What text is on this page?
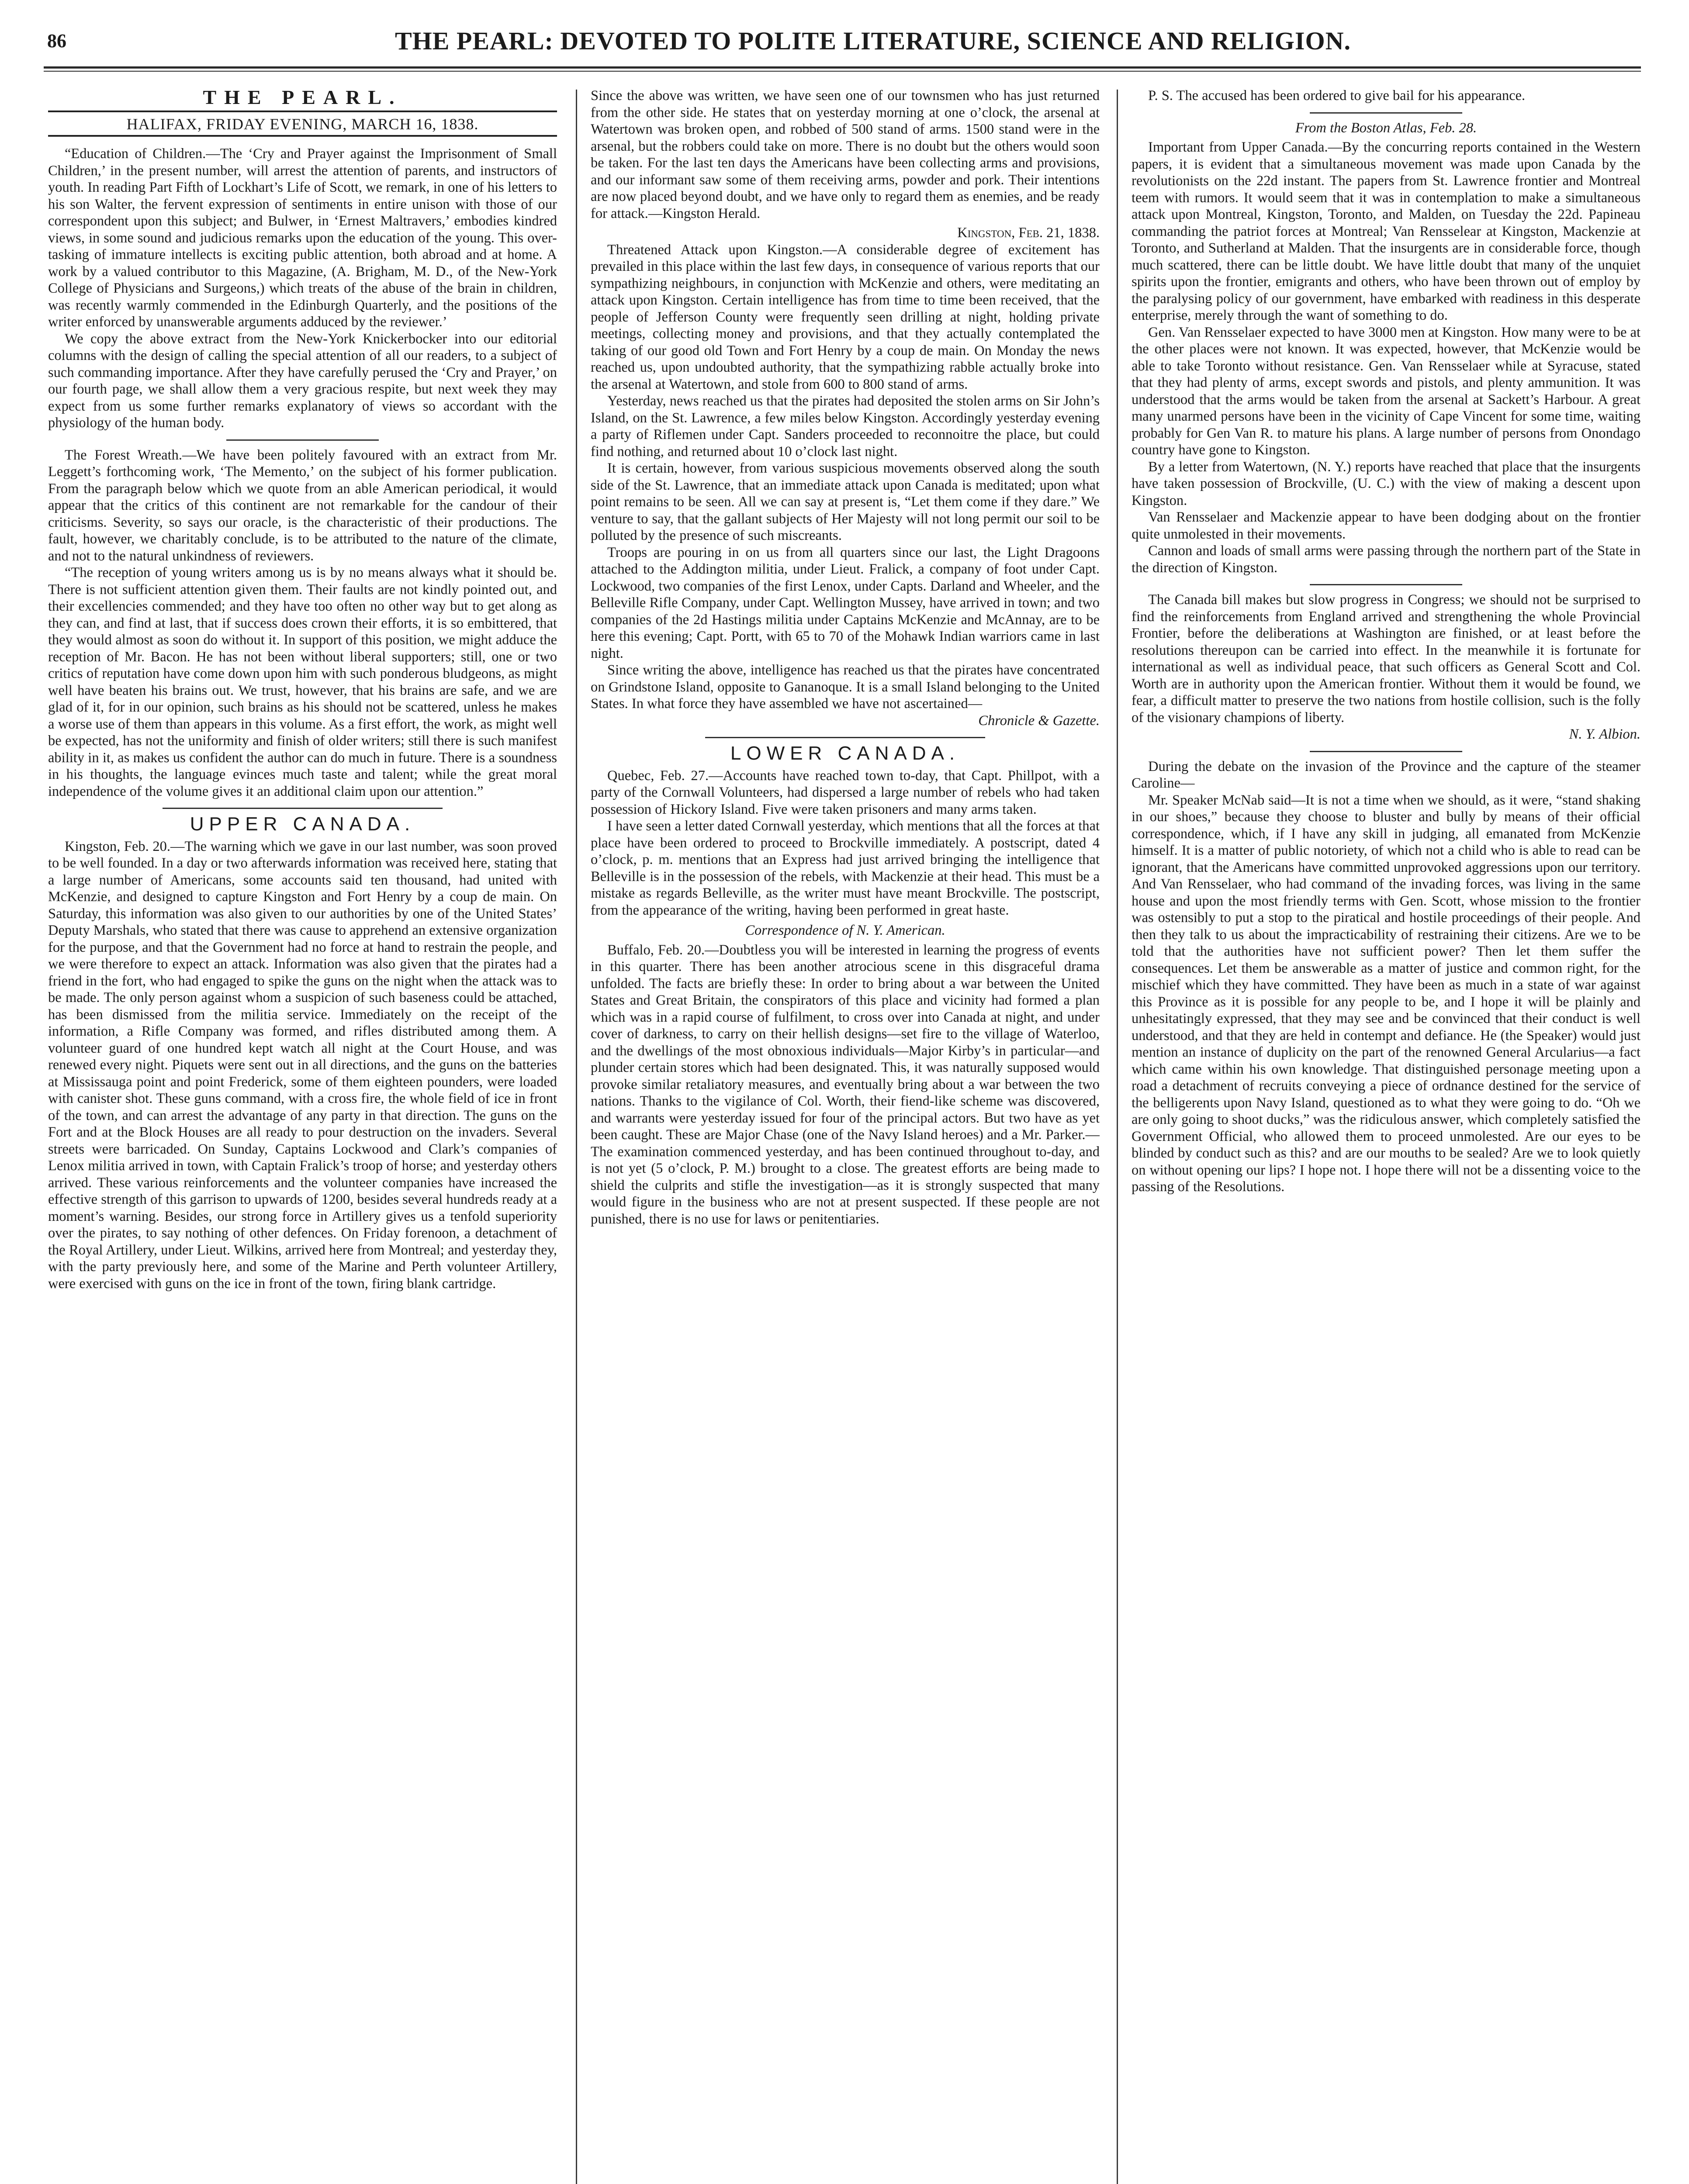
86	THE PEARL: DEVOTED TO POLITE LITERATURE, SCIENCE AND RELIGION.
THE PEARL.
HALIFAX, FRIDAY EVENING, MARCH 16, 1838.

“Education of Children.—The ‘Cry and Prayer against the Imprisonment of Small Children,’ in the present number, will arrest the attention of parents, and instructors of youth. In reading Part Fifth of Lockhart’s Life of Scott, we remark, in one of his letters to his son Walter, the fervent expression of sentiments in entire unison with those of our correspondent upon this subject; and Bulwer, in ‘Ernest Maltravers,’ embodies kindred views, in some sound and judicious remarks upon the education of the young. This over-tasking of immature intellects is exciting public attention, both abroad and at home. A work by a valued contributor to this Magazine, (A. Brigham, M. D., of the New-York College of Physicians and Surgeons,) which treats of the abuse of the brain in children, was recently warmly commended in the Edinburgh Quarterly, and the positions of the writer enforced by unanswerable arguments adduced by the reviewer.’

We copy the above extract from the New-York Knickerbocker into our editorial columns with the design of calling the special attention of all our readers, to a subject of such commanding importance. After they have carefully perused the ‘Cry and Prayer,’ on our fourth page, we shall allow them a very gracious respite, but next week they may expect from us some further remarks explanatory of views so accordant with the physiology of the human body.

The Forest Wreath.—We have been politely favoured with an extract from Mr. Leggett’s forthcoming work, ‘The Memento,’ on the subject of his former publication. From the paragraph below which we quote from an able American periodical, it would appear that the critics of this continent are not remarkable for the candour of their criticisms. Severity, so says our oracle, is the characteristic of their productions. The fault, however, we charitably conclude, is to be attributed to the nature of the climate, and not to the natural unkindness of reviewers.

“The reception of young writers among us is by no means always what it should be. There is not sufficient attention given them. Their faults are not kindly pointed out, and their excellencies commended; and they have too often no other way but to get along as they can, and find at last, that if success does crown their efforts, it is so embittered, that they would almost as soon do without it. In support of this position, we might adduce the reception of Mr. Bacon. He has not been without liberal supporters; still, one or two critics of reputation have come down upon him with such ponderous bludgeons, as might well have beaten his brains out. We trust, however, that his brains are safe, and we are glad of it, for in our opinion, such brains as his should not be scattered, unless he makes a worse use of them than appears in this volume. As a first effort, the work, as might well be expected, has not the uniformity and finish of older writers; still there is such manifest ability in it, as makes us confident the author can do much in future. There is a soundness in his thoughts, the language evinces much taste and talent; while the great moral independence of the volume gives it an additional claim upon our attention.”

UPPER CANADA.

Kingston, Feb. 20.—The warning which we gave in our last number, was soon proved to be well founded. In a day or two afterwards information was received here, stating that a large number of Americans, some accounts said ten thousand, had united with McKenzie, and designed to capture Kingston and Fort Henry by a coup de main. On Saturday, this information was also given to our authorities by one of the United States’ Deputy Marshals, who stated that there was cause to apprehend an extensive organization for the purpose, and that the Government had no force at hand to restrain the people, and we were therefore to expect an attack. Information was also given that the pirates had a friend in the fort, who had engaged to spike the guns on the night when the attack was to be made. The only person against whom a suspicion of such baseness could be attached, has been dismissed from the militia service. Immediately on the receipt of the information, a Rifle Company was formed, and rifles distributed among them. A volunteer guard of one hundred kept watch all night at the Court House, and was renewed every night. Piquets were sent out in all directions, and the guns on the batteries at Mississauga point and point Frederick, some of them eighteen pounders, were loaded with canister shot. These guns command, with a cross fire, the whole field of ice in front of the town, and can arrest the advantage of any party in that direction. The guns on the Fort and at the Block Houses are all ready to pour destruction on the invaders. Several streets were barricaded. On Sunday, Captains Lockwood and Clark’s companies of Lenox militia arrived in town, with Captain Fralick’s troop of horse; and yesterday others arrived. These various reinforcements and the volunteer companies have increased the effective strength of this garrison to upwards of 1200, besides several hundreds ready at a moment’s warning. Besides, our strong force in Artillery gives us a tenfold superiority over the pirates, to say nothing of other defences. On Friday forenoon, a detachment of the Royal Artillery, under Lieut. Wilkins, arrived here from Montreal; and yesterday they, with the party previously here, and some of the Marine and Perth volunteer Artillery, were exercised with guns on the ice in front of the town, firing blank cartridge.

Since the above was written, we have seen one of our townsmen who has just returned from the other side. He states that on yesterday morning at one o’clock, the arsenal at Watertown was broken open, and robbed of 500 stand of arms. 1500 stand were in the arsenal, but the robbers could take on more. There is no doubt but the others would soon be taken. For the last ten days the Americans have been collecting arms and provisions, and our informant saw some of them receiving arms, powder and pork. Their intentions are now placed beyond doubt, and we have only to regard them as enemies, and be ready for attack.—Kingston Herald.

Kingston, Feb. 21, 1838.

Threatened Attack upon Kingston.—A considerable degree of excitement has prevailed in this place within the last few days, in consequence of various reports that our sympathizing neighbours, in conjunction with McKenzie and others, were meditating an attack upon Kingston. Certain intelligence has from time to time been received, that the people of Jefferson County were frequently seen drilling at night, holding private meetings, collecting money and provisions, and that they actually contemplated the taking of our good old Town and Fort Henry by a coup de main. On Monday the news reached us, upon undoubted authority, that the sympathizing rabble actually broke into the arsenal at Watertown, and stole from 600 to 800 stand of arms.

Yesterday, news reached us that the pirates had deposited the stolen arms on Sir John’s Island, on the St. Lawrence, a few miles below Kingston. Accordingly yesterday evening a party of Riflemen under Capt. Sanders proceeded to reconnoitre the place, but could find nothing, and returned about 10 o’clock last night.

It is certain, however, from various suspicious movements observed along the south side of the St. Lawrence, that an immediate attack upon Canada is meditated; upon what point remains to be seen. All we can say at present is, “Let them come if they dare.” We venture to say, that the gallant subjects of Her Majesty will not long permit our soil to be polluted by the presence of such miscreants.

Troops are pouring in on us from all quarters since our last, the Light Dragoons attached to the Addington militia, under Lieut. Fralick, a company of foot under Capt. Lockwood, two companies of the first Lenox, under Capts. Darland and Wheeler, and the Belleville Rifle Company, under Capt. Wellington Mussey, have arrived in town; and two companies of the 2d Hastings militia under Captains McKenzie and McAnnay, are to be here this evening; Capt. Portt, with 65 to 70 of the Mohawk Indian warriors came in last night.

Since writing the above, intelligence has reached us that the pirates have concentrated on Grindstone Island, opposite to Gananoque. It is a small Island belonging to the United States. In what force they have assembled we have not ascertained—

Chronicle & Gazette.

LOWER CANADA.

Quebec, Feb. 27.—Accounts have reached town to-day, that Capt. Phillpot, with a party of the Cornwall Volunteers, had dispersed a large number of rebels who had taken possession of Hickory Island. Five were taken prisoners and many arms taken.

I have seen a letter dated Cornwall yesterday, which mentions that all the forces at that place have been ordered to proceed to Brockville immediately. A postscript, dated 4 o’clock, p. m. mentions that an Express had just arrived bringing the intelligence that Belleville is in the possession of the rebels, with Mackenzie at their head. This must be a mistake as regards Belleville, as the writer must have meant Brockville. The postscript, from the appearance of the writing, having been performed in great haste.

Correspondence of N. Y. American.

Buffalo, Feb. 20.—Doubtless you will be interested in learning the progress of events in this quarter. There has been another atrocious scene in this disgraceful drama unfolded. The facts are briefly these: In order to bring about a war between the United States and Great Britain, the conspirators of this place and vicinity had formed a plan which was in a rapid course of fulfilment, to cross over into Canada at night, and under cover of darkness, to carry on their hellish designs—set fire to the village of Waterloo, and the dwellings of the most obnoxious individuals—Major Kirby’s in particular—and plunder certain stores which had been designated. This, it was naturally supposed would provoke similar retaliatory measures, and eventually bring about a war between the two nations. Thanks to the vigilance of Col. Worth, their fiend-like scheme was discovered, and warrants were yesterday issued for four of the principal actors. But two have as yet been caught. These are Major Chase (one of the Navy Island heroes) and a Mr. Parker.—The examination commenced yesterday, and has been continued throughout to-day, and is not yet (5 o’clock, P. M.) brought to a close. The greatest efforts are being made to shield the culprits and stifle the investigation—as it is strongly suspected that many would figure in the business who are not at present suspected. If these people are not punished, there is no use for laws or penitentiaries.

P. S. The accused has been ordered to give bail for his appearance.

From the Boston Atlas, Feb. 28.

Important from Upper Canada.—By the concurring reports contained in the Western papers, it is evident that a simultaneous movement was made upon Canada by the revolutionists on the 22d instant. The papers from St. Lawrence frontier and Montreal teem with rumors. It would seem that it was in contemplation to make a simultaneous attack upon Montreal, Kingston, Toronto, and Malden, on Tuesday the 22d. Papineau commanding the patriot forces at Montreal; Van Rensselear at Kingston, Mackenzie at Toronto, and Sutherland at Malden. That the insurgents are in considerable force, though much scattered, there can be little doubt. We have little doubt that many of the unquiet spirits upon the frontier, emigrants and others, who have been thrown out of employ by the paralysing policy of our government, have embarked with readiness in this desperate enterprise, merely through the want of something to do.

Gen. Van Rensselaer expected to have 3000 men at Kingston. How many were to be at the other places were not known. It was expected, however, that McKenzie would be able to take Toronto without resistance. Gen. Van Rensselaer while at Syracuse, stated that they had plenty of arms, except swords and pistols, and plenty ammunition. It was understood that the arms would be taken from the arsenal at Sackett’s Harbour. A great many unarmed persons have been in the vicinity of Cape Vincent for some time, waiting probably for Gen Van R. to mature his plans. A large number of persons from Onondago country have gone to Kingston.

By a letter from Watertown, (N. Y.) reports have reached that place that the insurgents have taken possession of Brockville, (U. C.) with the view of making a descent upon Kingston.

Van Rensselaer and Mackenzie appear to have been dodging about on the frontier quite unmolested in their movements.

Cannon and loads of small arms were passing through the northern part of the State in the direction of Kingston.

The Canada bill makes but slow progress in Congress; we should not be surprised to find the reinforcements from England arrived and strengthening the whole Provincial Frontier, before the deliberations at Washington are finished, or at least before the resolutions thereupon can be carried into effect. In the meanwhile it is fortunate for international as well as individual peace, that such officers as General Scott and Col. Worth are in authority upon the American frontier. Without them it would be found, we fear, a difficult matter to preserve the two nations from hostile collision, such is the folly of the visionary champions of liberty.

N. Y. Albion.

During the debate on the invasion of the Province and the capture of the steamer Caroline—

Mr. Speaker McNab said—It is not a time when we should, as it were, “stand shaking in our shoes,” because they choose to bluster and bully by means of their official correspondence, which, if I have any skill in judging, all emanated from McKenzie himself. It is a matter of public notoriety, of which not a child who is able to read can be ignorant, that the Americans have committed unprovoked aggressions upon our territory. And Van Rensselaer, who had command of the invading forces, was living in the same house and upon the most friendly terms with Gen. Scott, whose mission to the frontier was ostensibly to put a stop to the piratical and hostile proceedings of their people. And then they talk to us about the impracticability of restraining their citizens. Are we to be told that the authorities have not sufficient power? Then let them suffer the consequences. Let them be answerable as a matter of justice and common right, for the mischief which they have committed. They have been as much in a state of war against this Province as it is possible for any people to be, and I hope it will be plainly and unhesitatingly expressed, that they may see and be convinced that their conduct is well understood, and that they are held in contempt and defiance. He (the Speaker) would just mention an instance of duplicity on the part of the renowned General Arcularius—a fact which came within his own knowledge. That distinguished personage meeting upon a road a detachment of recruits conveying a piece of ordnance destined for the service of the belligerents upon Navy Island, questioned as to what they were going to do. “Oh we are only going to shoot ducks,” was the ridiculous answer, which completely satisfied the Government Official, who allowed them to proceed unmolested. Are our eyes to be blinded by conduct such as this? and are our mouths to be sealed? Are we to look quietly on without opening our lips? I hope not. I hope there will not be a dissenting voice to the passing of the Resolutions.
